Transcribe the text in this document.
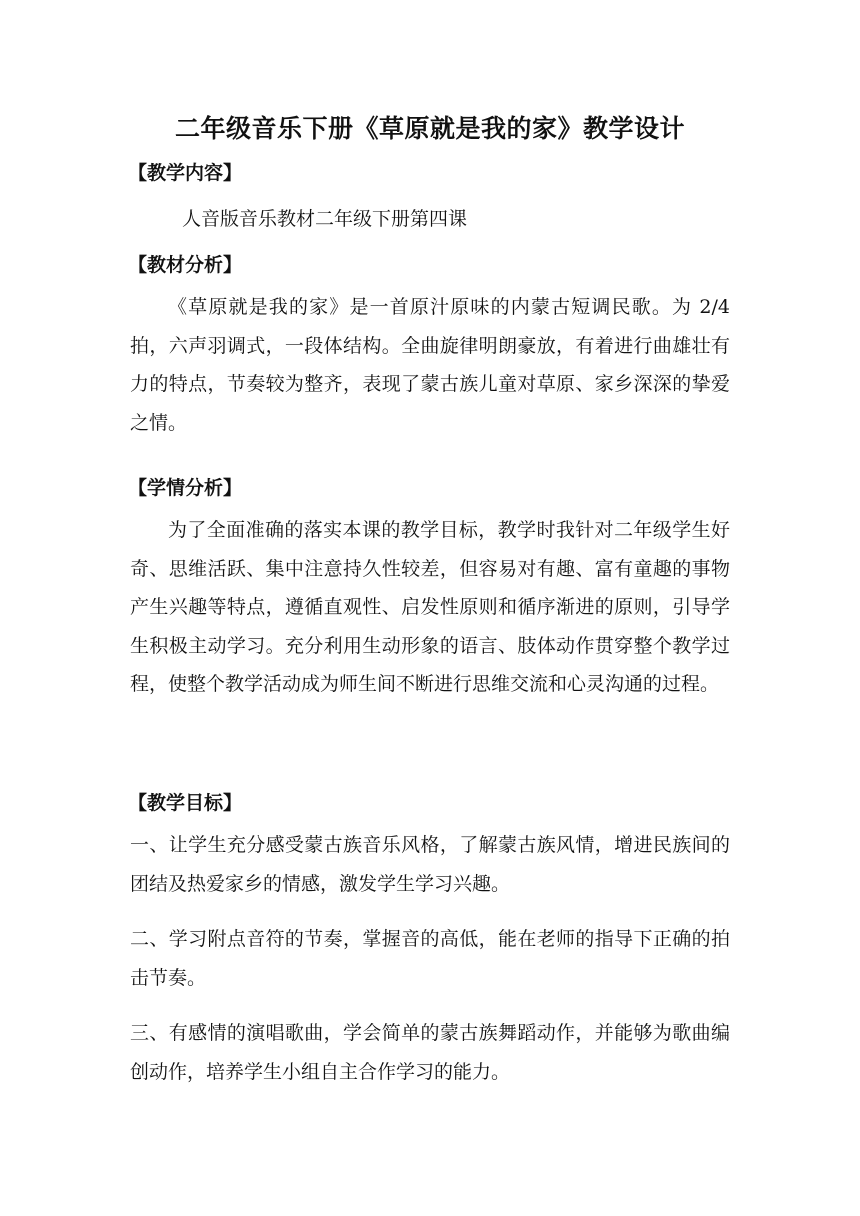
二年级音乐下册《草原就是我的家》教学设计
【教学内容】
人音版音乐教材二年级下册第四课
【教材分析】
《草原就是我的家》是一首原汁原味的内蒙古短调民歌。为 2/4 拍，六声羽调式，一段体结构。全曲旋律明朗豪放，有着进行曲雄壮有力的特点，节奏较为整齐，表现了蒙古族儿童对草原、家乡深深的挚爱之情。
【学情分析】
为了全面准确的落实本课的教学目标，教学时我针对二年级学生好奇、思维活跃、集中注意持久性较差，但容易对有趣、富有童趣的事物产生兴趣等特点，遵循直观性、启发性原则和循序渐进的原则，引导学生积极主动学习。充分利用生动形象的语言、肢体动作贯穿整个教学过程，使整个教学活动成为师生间不断进行思维交流和心灵沟通的过程。
【教学目标】
一、让学生充分感受蒙古族音乐风格，了解蒙古族风情，增进民族间的团结及热爱家乡的情感，激发学生学习兴趣。
二、学习附点音符的节奏，掌握音的高低，能在老师的指导下正确的拍击节奏。
三、有感情的演唱歌曲，学会简单的蒙古族舞蹈动作，并能够为歌曲编创动作，培养学生小组自主合作学习的能力。
